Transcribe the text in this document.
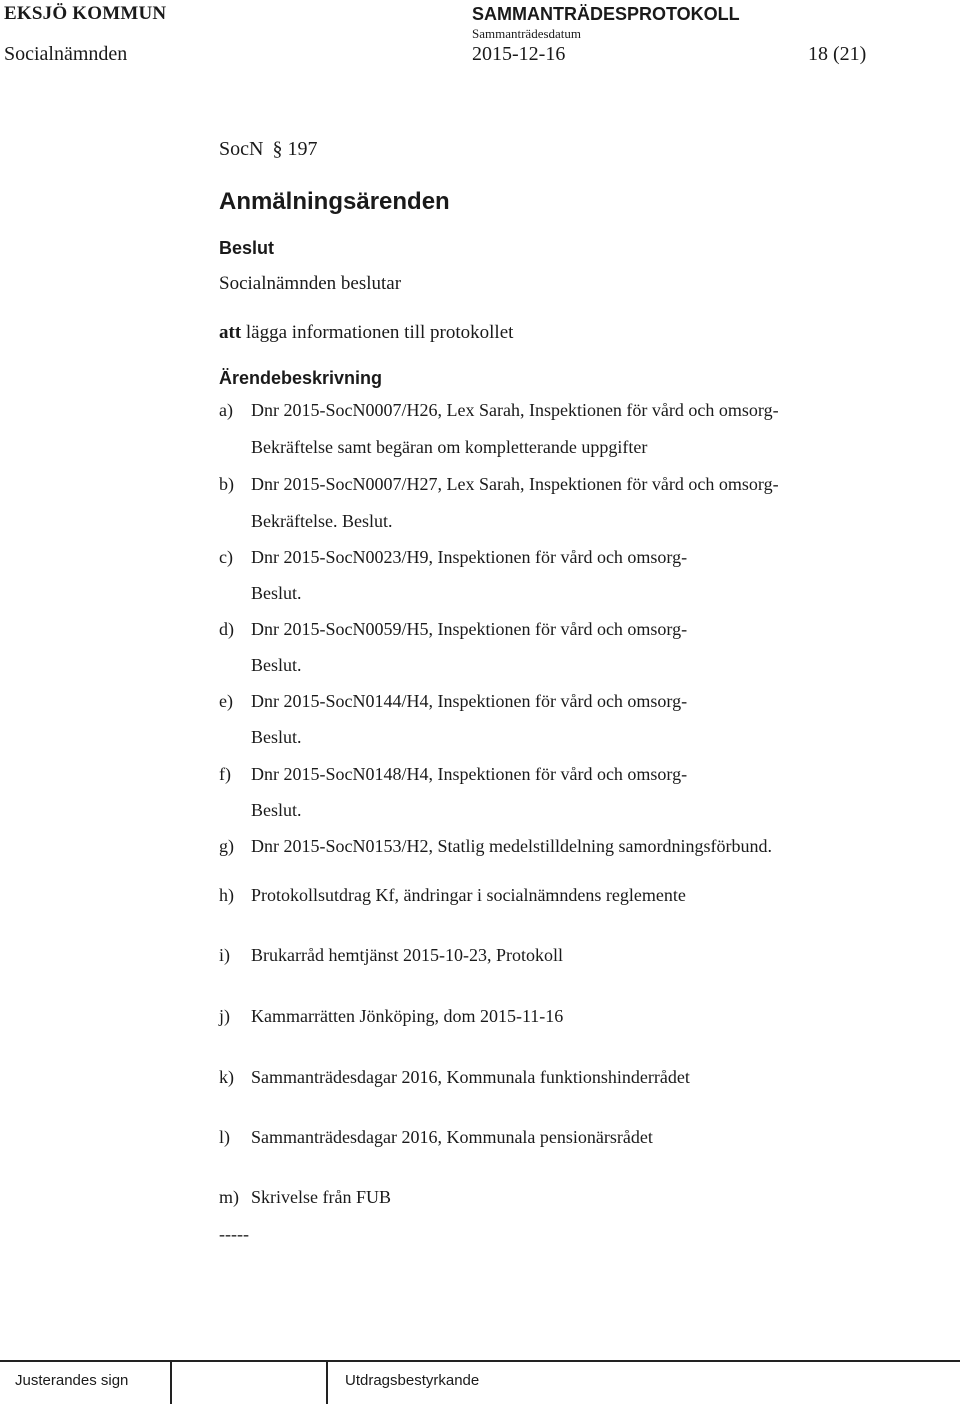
EKSJÖ KOMMUN
Socialnämnden
SAMMANTRÄDESPROTOKOLL
Sammanträdesdatum
2015-12-16	18 (21)
SocN § 197
Anmälningsärenden
Beslut
Socialnämnden beslutar
att lägga informationen till protokollet
Ärendebeskrivning
a) Dnr 2015-SocN0007/H26, Lex Sarah, Inspektionen för vård och omsorg-
Bekräftelse samt begäran om kompletterande uppgifter
b) Dnr 2015-SocN0007/H27, Lex Sarah, Inspektionen för vård och omsorg-
Bekräftelse. Beslut.
c) Dnr 2015-SocN0023/H9, Inspektionen för vård och omsorg-
Beslut.
d) Dnr 2015-SocN0059/H5, Inspektionen för vård och omsorg-
Beslut.
e) Dnr 2015-SocN0144/H4, Inspektionen för vård och omsorg-
Beslut.
f) Dnr 2015-SocN0148/H4, Inspektionen för vård och omsorg-
Beslut.
g) Dnr 2015-SocN0153/H2, Statlig medelstilldelning samordningsförbund.
h) Protokollsutdrag Kf, ändringar i socialnämndens reglemente
i) Brukarråd hemtjänst 2015-10-23, Protokoll
j) Kammarrätten Jönköping, dom 2015-11-16
k) Sammanträdesdagar 2016, Kommunala funktionshinderrådet
l) Sammanträdesdagar 2016, Kommunala pensionärsrådet
m) Skrivelse från FUB
-----
Justerandes sign	Utdragsbestyrkande
